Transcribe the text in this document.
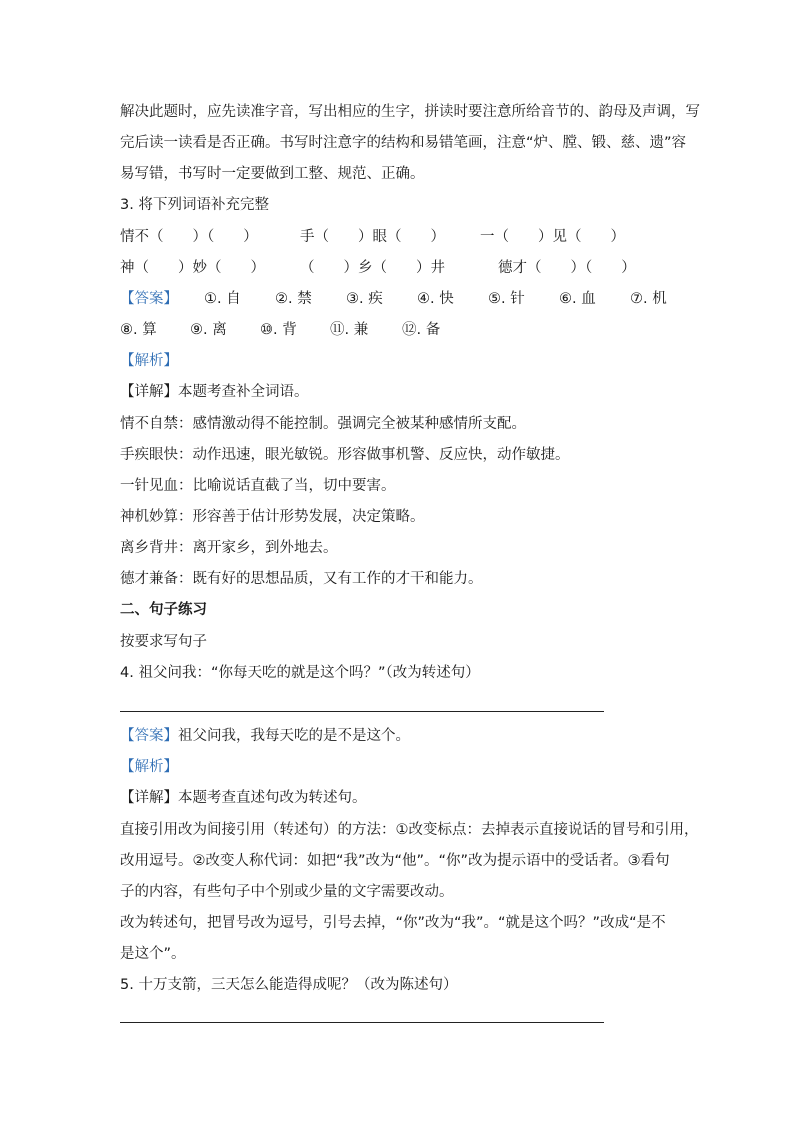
解决此题时，应先读准字音，写出相应的生字，拼读时要注意所给音节的、韵母及声调，写
完后读一读看是否正确。书写时注意字的结构和易错笔画，注意“炉、膛、锻、慈、遗”容
易写错，书写时一定要做到工整、规范、正确。
3. 将下列词语补充完整
情不（　　）（　　）	手（　　）眼（　　） 一（　　）见（　　）
神（　　）妙（　　） （　　）乡（　　）井	德才（　　）（　　）
【答案】 ①. 自 ②. 禁 ③. 疾 ④. 快 ⑤. 针 ⑥. 血 ⑦. 机
⑧. 算 ⑨. 离 ⑩. 背 ⑪. 兼 ⑫. 备
【解析】
【详解】本题考查补全词语。
情不自禁：感情激动得不能控制。强调完全被某种感情所支配。
手疾眼快：动作迅速，眼光敏锐。形容做事机警、反应快，动作敏捷。
一针见血：比喻说话直截了当，切中要害。
神机妙算：形容善于估计形势发展，决定策略。
离乡背井：离开家乡，到外地去。
德才兼备：既有好的思想品质，又有工作的才干和能力。
二、句子练习
按要求写句子
4. 祖父问我：“你每天吃的就是这个吗？”（改为转述句）
【答案】祖父问我，我每天吃的是不是这个。
【解析】
【详解】本题考查直述句改为转述句。
直接引用改为间接引用（转述句）的方法：①改变标点：去掉表示直接说话的冒号和引用，
改用逗号。②改变人称代词：如把“我”改为“他”。“你”改为提示语中的受话者。③看句
子的内容，有些句子中个别或少量的文字需要改动。
改为转述句，把冒号改为逗号，引号去掉，“你”改为“我”。“就是这个吗？”改成“是不
是这个”。
5. 十万支箭，三天怎么能造得成呢？（改为陈述句）
